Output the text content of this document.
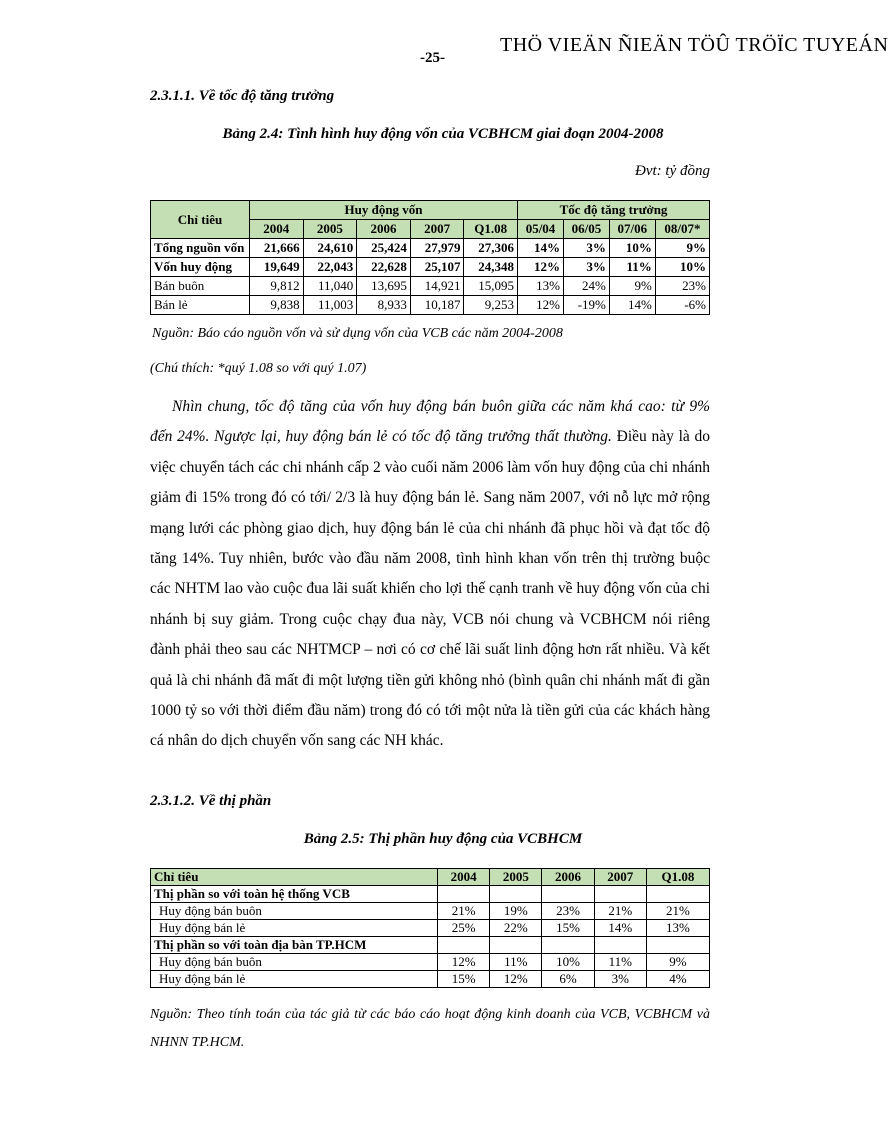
THÖ VIEÄN ÑIEÄN TÖÛ TRÖÏC TUYEÁN
-25-
2.3.1.1. Về tốc độ tăng trưởng
Bảng 2.4: Tình hình huy động vốn của VCBHCM giai đoạn 2004-2008
Đvt: tỷ đồng
Chỉ tiêu	Huy động vốn					Tốc độ tăng trưởng			
	2004	2005	2006	2007	Q1.08	05/04	06/05	07/06	08/07*
Tổng nguồn vốn	21,666	24,610	25,424	27,979	27,306	14%	3%	10%	9%
Vốn huy động	19,649	22,043	22,628	25,107	24,348	12%	3%	11%	10%
Bán buôn	9,812	11,040	13,695	14,921	15,095	13%	24%	9%	23%
Bán lẻ	9,838	11,003	8,933	10,187	9,253	12%	-19%	14%	-6%
Nguồn: Báo cáo nguồn vốn và sử dụng vốn của VCB các năm 2004-2008
(Chú thích: *quý 1.08 so với quý 1.07)
Nhìn chung, tốc độ tăng của vốn huy động bán buôn giữa các năm khá cao: từ 9% đến 24%. Ngược lại, huy động bán lẻ có tốc độ tăng trưởng thất thường. Điều này là do việc chuyển tách các chi nhánh cấp 2 vào cuối năm 2006 làm vốn huy động của chi nhánh giảm đi 15% trong đó có tới/ 2/3 là huy động bán lẻ. Sang năm 2007, với nỗ lực mở rộng mạng lưới các phòng giao dịch, huy động bán lẻ của chi nhánh đã phục hồi và đạt tốc độ tăng 14%. Tuy nhiên, bước vào đầu năm 2008, tình hình khan vốn trên thị trường buộc các NHTM lao vào cuộc đua lãi suất khiến cho lợi thế cạnh tranh về huy động vốn của chi nhánh bị suy giảm. Trong cuộc chạy đua này, VCB nói chung và VCBHCM nói riêng đành phải theo sau các NHTMCP – nơi có cơ chế lãi suất linh động hơn rất nhiều. Và kết quả là chi nhánh đã mất đi một lượng tiền gửi không nhỏ (bình quân chi nhánh mất đi gần 1000 tỷ so với thời điểm đầu năm) trong đó có tới một nửa là tiền gửi của các khách hàng cá nhân do dịch chuyển vốn sang các NH khác.
2.3.1.2. Về thị phần
Bảng 2.5: Thị phần huy động của VCBHCM
Chỉ tiêu	2004	2005	2006	2007	Q1.08
Thị phần so với toàn hệ thống VCB					
Huy động bán buôn	21%	19%	23%	21%	21%
Huy động bán lẻ	25%	22%	15%	14%	13%
Thị phần so với toàn địa bàn TP.HCM					
Huy động bán buôn	12%	11%	10%	11%	9%
Huy động bán lẻ	15%	12%	6%	3%	4%
Nguồn: Theo tính toán của tác giả từ các báo cáo hoạt động kinh doanh của VCB, VCBHCM và NHNN TP.HCM.
